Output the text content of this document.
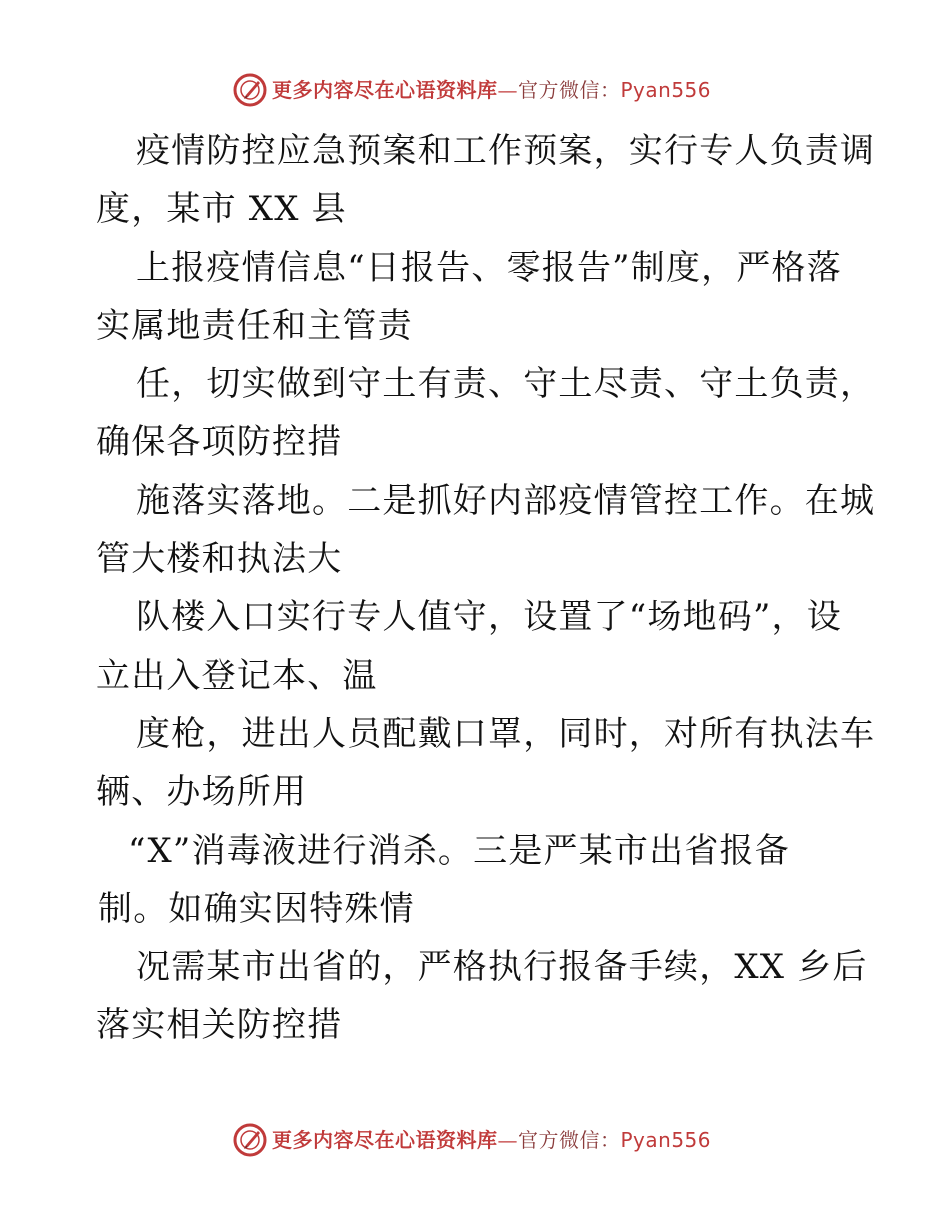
更多内容尽在心语资料库—官方微信：Pyan556
疫情防控应急预案和工作预案，实行专人负责调
度，某市 XX 县
上报疫情信息“日报告、零报告”制度，严格落
实属地责任和主管责
任，切实做到守土有责、守土尽责、守土负责，
确保各项防控措
施落实落地。二是抓好内部疫情管控工作。在城
管大楼和执法大
队楼入口实行专人值守，设置了“场地码”，设
立出入登记本、温
度枪，进出人员配戴口罩，同时，对所有执法车
辆、办场所用
“X”消毒液进行消杀。三是严某市出省报备
制。如确实因特殊情
况需某市出省的，严格执行报备手续，XX 乡后
落实相关防控措
更多内容尽在心语资料库—官方微信：Pyan556
